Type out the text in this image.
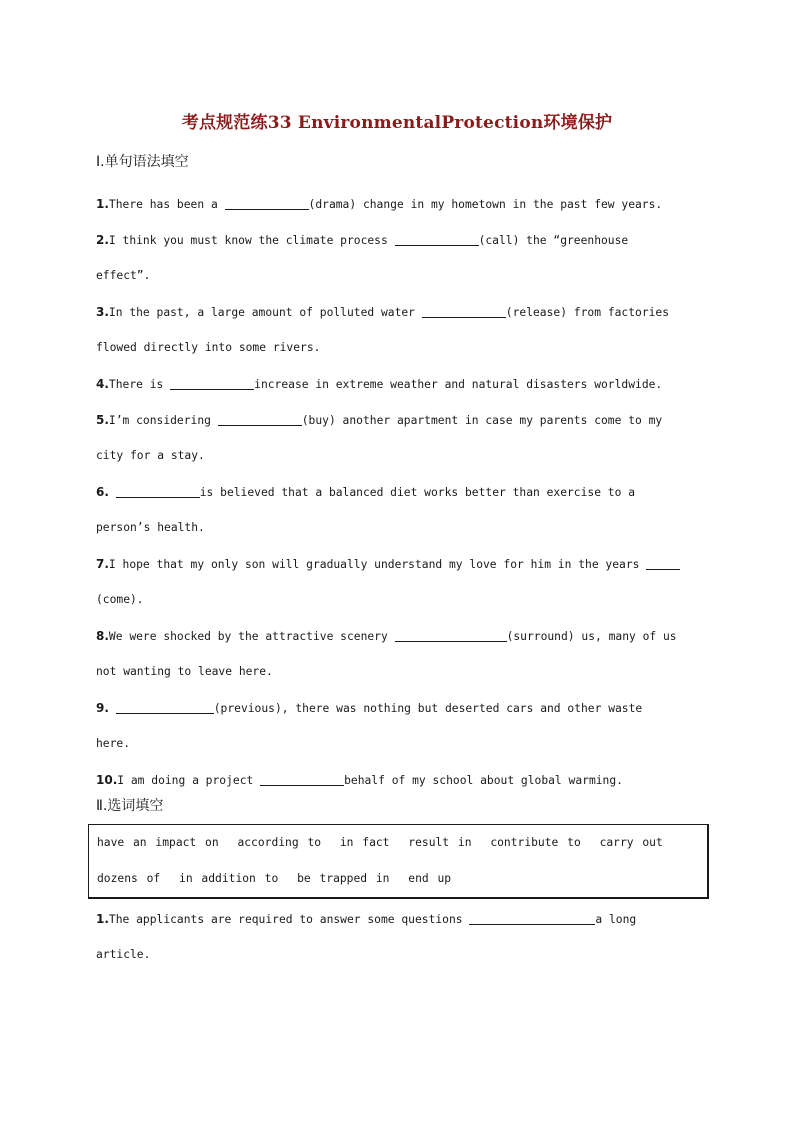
考点规范练33 EnvironmentalProtection环境保护
Ⅰ.单句语法填空
1.There has been a	(drama) change in my hometown in the past few years.
2.I think you must know the climate process	(call) the “greenhouse
effect”.
3.In the past, a large amount of polluted water	(release) from factories
flowed directly into some rivers.
4.There is	increase in extreme weather and natural disasters worldwide.
5.I’m considering	(buy) another apartment in case my parents come to my
city for a stay.
6.	is believed that a balanced diet works better than exercise to a
person’s health.
7.I hope that my only son will gradually understand my love for him in the years
(come).
8.We were shocked by the attractive scenery	(surround) us, many of us
not wanting to leave here.
9.	(previous), there was nothing but deserted cars and other waste
here.
10.I am doing a project	behalf of my school about global warming.
Ⅱ.选词填空
have an impact on according to in fact result in contribute to carry out
dozens of in addition to be trapped in end up
1.The applicants are required to answer some questions	a long
article.
